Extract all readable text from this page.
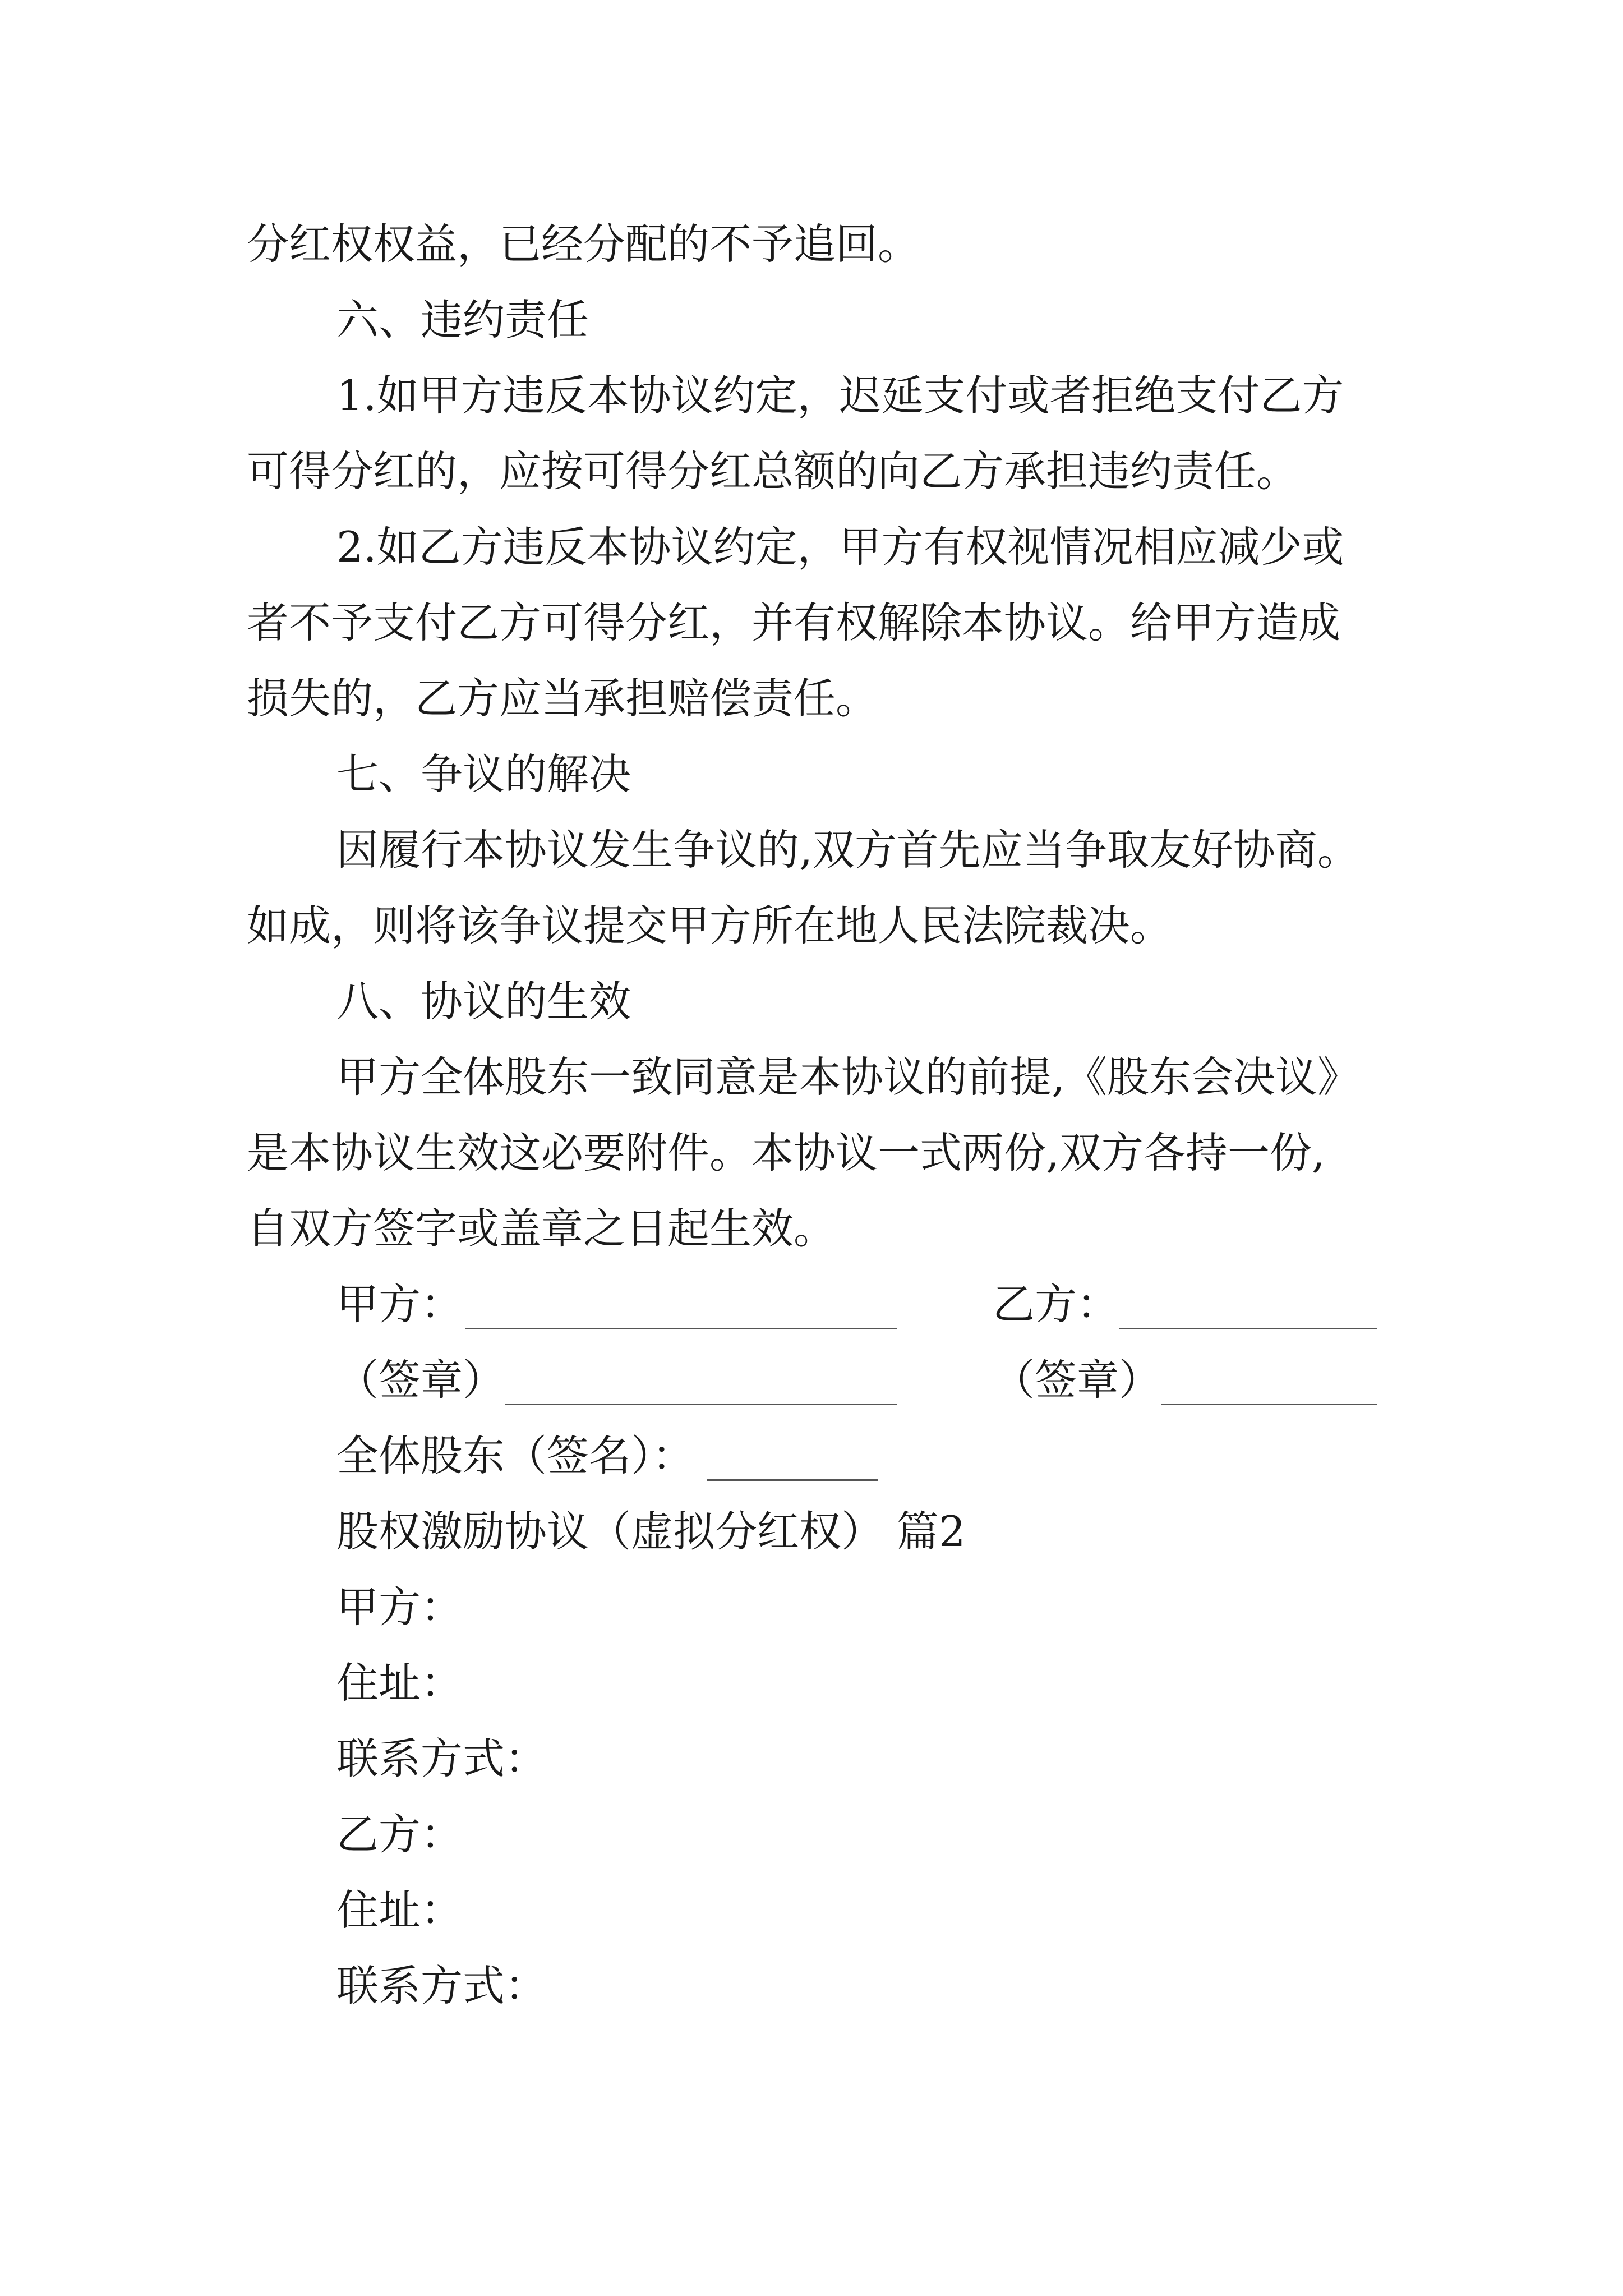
分红权权益，已经分配的不予追回。
六、违约责任
1.如甲方违反本协议约定，迟延支付或者拒绝支付乙方
可得分红的，应按可得分红总额的向乙方承担违约责任。
2.如乙方违反本协议约定，甲方有权视情况相应减少或
者不予支付乙方可得分红，并有权解除本协议。给甲方造成
损失的，乙方应当承担赔偿责任。
七、争议的解决
因履行本协议发生争议的,双方首先应当争取友好协商。
如成，则将该争议提交甲方所在地人民法院裁决。
八、协议的生效
甲方全体股东一致同意是本协议的前提,《股东会决议》
是本协议生效这必要附件。本协议一式两份,双方各持一份,
自双方签字或盖章之日起生效。
甲方：	乙方：
（签章）	（签章）
全体股东（签名）：
股权激励协议（虚拟分红权） 篇2
甲方：
住址：
联系方式：
乙方：
住址：
联系方式：
